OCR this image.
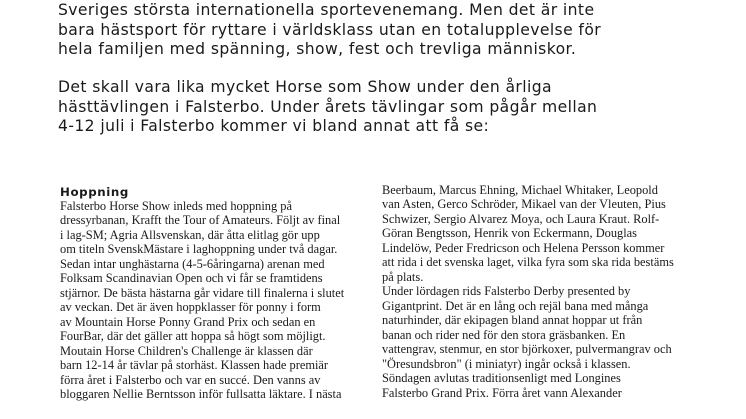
Sveriges största internationella sportevenemang. Men det är inte
bara hästsport för ryttare i världsklass utan en totalupplevelse för
hela familjen med spänning, show, fest och trevliga människor.

Det skall vara lika mycket Horse som Show under den årliga
hästtävlingen i Falsterbo. Under årets tävlingar som pågår mellan
4-12 juli i Falsterbo kommer vi bland annat att få se:

Hoppning
Falsterbo Horse Show inleds med hoppning på
dressyrbanan, Krafft the Tour of Amateurs. Följt av final
i lag-SM; Agria Allsvenskan, där åtta elitlag gör upp
om titeln SvenskMästare i laghoppning under två dagar.
Sedan intar unghästarna (4-5-6åringarna) arenan med
Folksam Scandinavian Open och vi får se framtidens
stjärnor. De bästa hästarna går vidare till finalerna i slutet
av veckan. Det är även hoppklasser för ponny i form
av Mountain Horse Ponny Grand Prix och sedan en
FourBar, där det gäller att hoppa så högt som möjligt.
Moutain Horse Children's Challenge är klassen där
barn 12-14 år tävlar på storhäst. Klassen hade premiär
förra året i Falsterbo och var en succé. Den vanns av
bloggaren Nellie Berntsson inför fullsatta läktare. I nästa

Beerbaum, Marcus Ehning, Michael Whitaker, Leopold
van Asten, Gerco Schröder, Mikael van der Vleuten, Pius
Schwizer, Sergio Alvarez Moya, och Laura Kraut. Rolf-
Göran Bengtsson, Henrik von Eckermann, Douglas
Lindelöw, Peder Fredricson och Helena Persson kommer
att rida i det svenska laget, vilka fyra som ska rida bestäms
på plats.
Under lördagen rids Falsterbo Derby presented by
Gigantprint. Det är en lång och rejäl bana med många
naturhinder, där ekipagen bland annat hoppar ut från
banan och rider ned för den stora gräsbanken. En
vattengrav, stenmur, en stor björkoxer, pulvermangrav och
"Öresundsbron" (i miniatyr) ingår också i klassen.
Söndagen avlutas traditionsenligt med Longines
Falsterbo Grand Prix. Förra året vann Alexander
